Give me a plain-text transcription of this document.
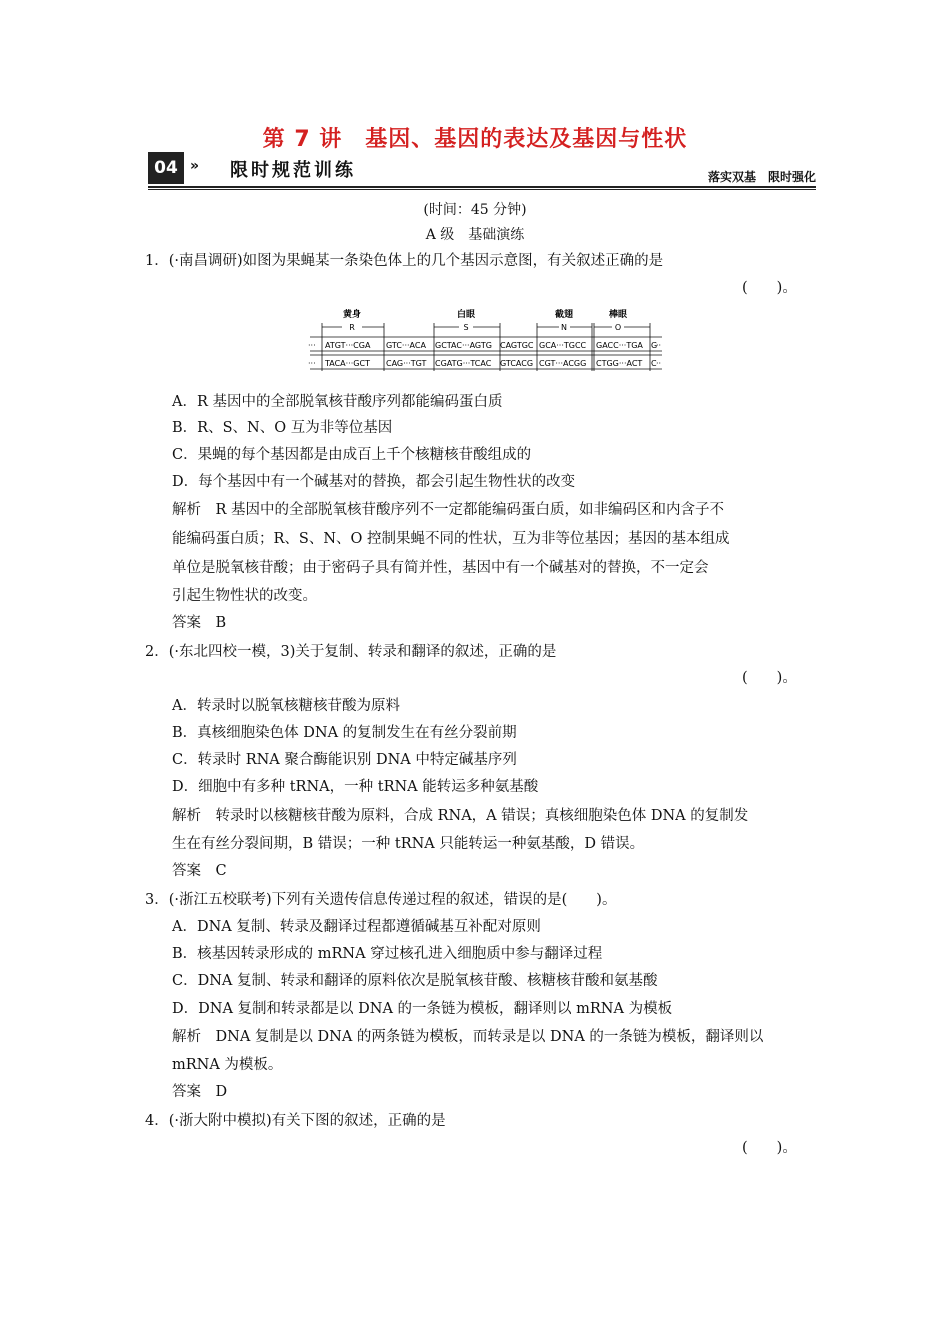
第 7 讲　基因、基因的表达及基因与性状
04 » 限时规范训练	落实双基　限时强化
(时间：45 分钟)
A 级　基础演练
1．(·南昌调研)如图为果蝇某一条染色体上的几个基因示意图，有关叙述正确的是
(　　)。
黄身	白眼	截翅	棒眼
R	S	N	O
···
···
··
··
ATGT···CGA GTC···ACA GCTAC···AGTG CAGTGC GCA···TGCC GACC···TGA G
TACA···GCT CAG···TGT CGATG···TCAC GTCACG CGT···ACGG CTGG···ACT C
A．R 基因中的全部脱氧核苷酸序列都能编码蛋白质
B．R、S、N、O 互为非等位基因
C．果蝇的每个基因都是由成百上千个核糖核苷酸组成的
D．每个基因中有一个碱基对的替换，都会引起生物性状的改变
解析　R 基因中的全部脱氧核苷酸序列不一定都能编码蛋白质，如非编码区和内含子不
能编码蛋白质；R、S、N、O 控制果蝇不同的性状，互为非等位基因；基因的基本组成
单位是脱氧核苷酸；由于密码子具有简并性，基因中有一个碱基对的替换，不一定会
引起生物性状的改变。
答案　B
2．(·东北四校一模，3)关于复制、转录和翻译的叙述，正确的是
(　　)。
A．转录时以脱氧核糖核苷酸为原料
B．真核细胞染色体 DNA 的复制发生在有丝分裂前期
C．转录时 RNA 聚合酶能识别 DNA 中特定碱基序列
D．细胞中有多种 tRNA，一种 tRNA 能转运多种氨基酸
解析　转录时以核糖核苷酸为原料，合成 RNA，A 错误；真核细胞染色体 DNA 的复制发
生在有丝分裂间期，B 错误；一种 tRNA 只能转运一种氨基酸，D 错误。
答案　C
3．(·浙江五校联考)下列有关遗传信息传递过程的叙述，错误的是(　　)。
A．DNA 复制、转录及翻译过程都遵循碱基互补配对原则
B．核基因转录形成的 mRNA 穿过核孔进入细胞质中参与翻译过程
C．DNA 复制、转录和翻译的原料依次是脱氧核苷酸、核糖核苷酸和氨基酸
D．DNA 复制和转录都是以 DNA 的一条链为模板，翻译则以 mRNA 为模板
解析　DNA 复制是以 DNA 的两条链为模板，而转录是以 DNA 的一条链为模板，翻译则以
mRNA 为模板。
答案　D
4．(·浙大附中模拟)有关下图的叙述，正确的是
(　　)。
